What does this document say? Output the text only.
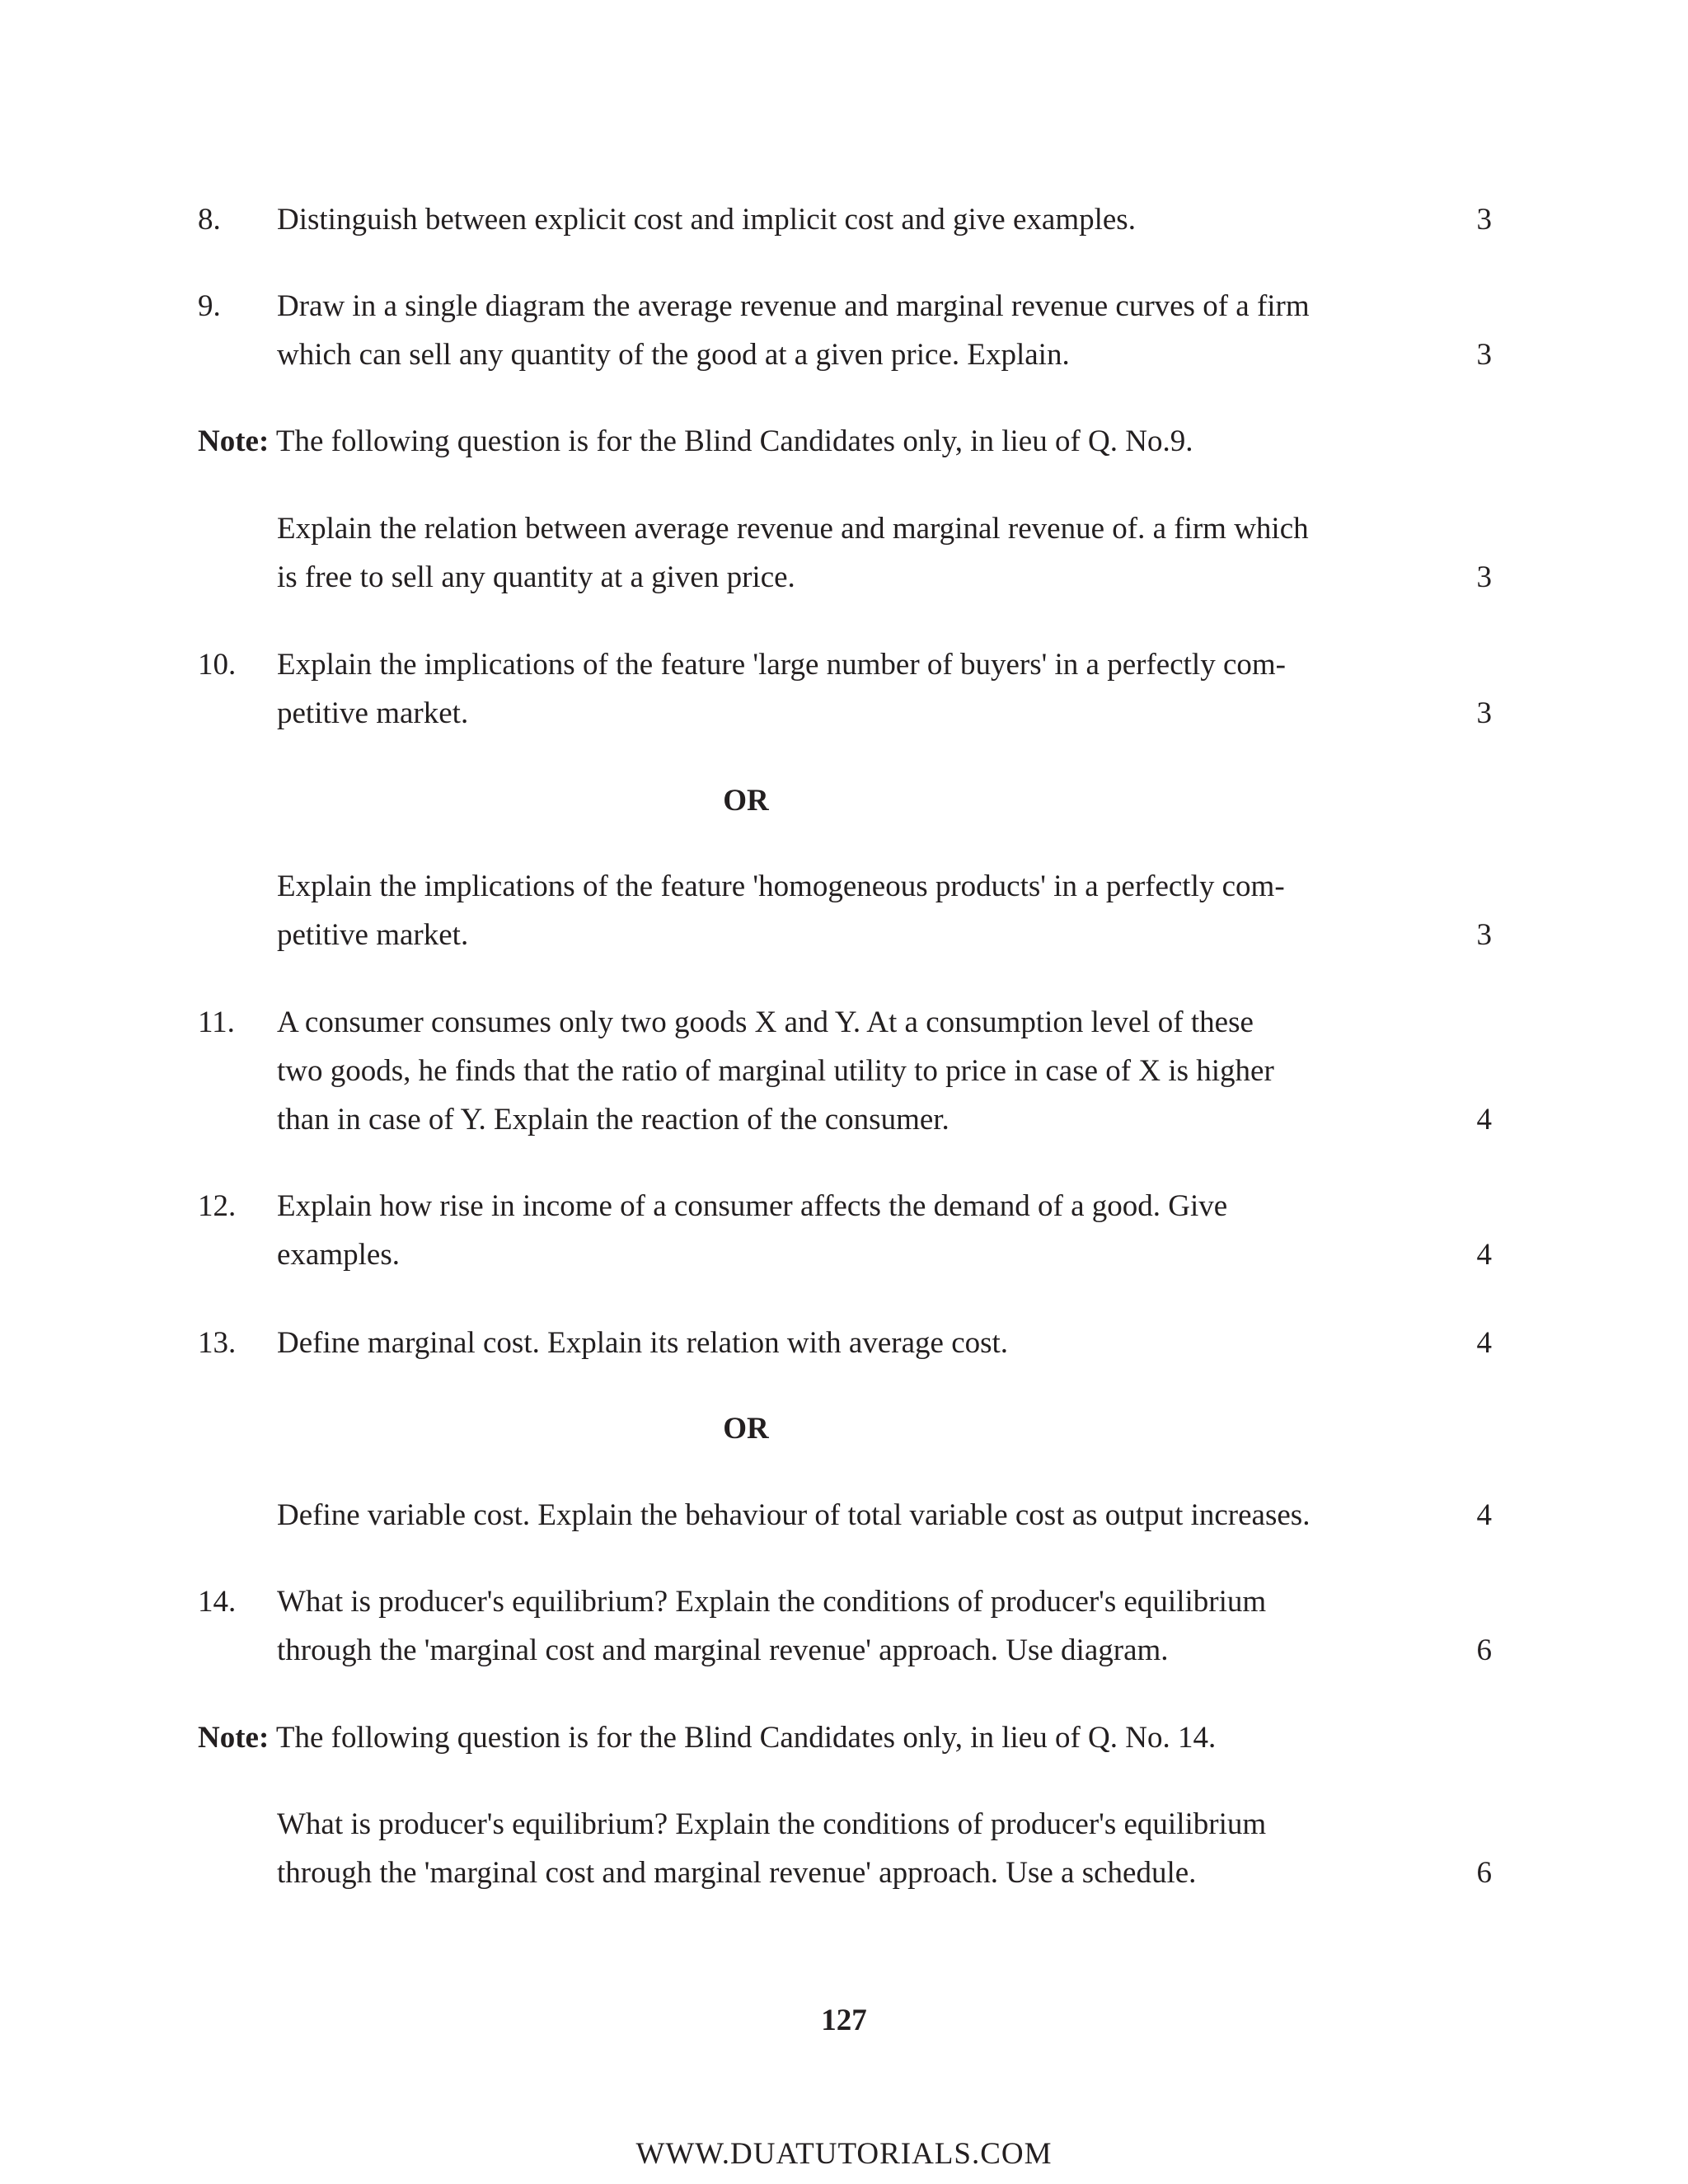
8. Distinguish between explicit cost and implicit cost and give examples.	3
9. Draw in a single diagram the average revenue and marginal revenue curves of a firm
which can sell any quantity of the good at a given price. Explain.	3
Note: The following question is for the Blind Candidates only, in lieu of Q. No.9.
Explain the relation between average revenue and marginal revenue of. a firm which
is free to sell any quantity at a given price.	3
10. Explain the implications of the feature 'large number of buyers' in a perfectly com-
petitive market.	3
OR
Explain the implications of the feature 'homogeneous products' in a perfectly com-
petitive market.	3
11. A consumer consumes only two goods X and Y. At a consumption level of these
two goods, he finds that the ratio of marginal utility to price in case of X is higher
than in case of Y. Explain the reaction of the consumer.	4
12. Explain how rise in income of a consumer affects the demand of a good. Give
examples.	4
13. Define marginal cost. Explain its relation with average cost.	4
OR
Define variable cost. Explain the behaviour of total variable cost as output increases.	4
14. What is producer's equilibrium? Explain the conditions of producer's equilibrium
through the 'marginal cost and marginal revenue' approach. Use diagram.	6
Note: The following question is for the Blind Candidates only, in lieu of Q. No. 14.
What is producer's equilibrium? Explain the conditions of producer's equilibrium
through the 'marginal cost and marginal revenue' approach. Use a schedule.	6
127
WWW.DUATUTORIALS.COM
